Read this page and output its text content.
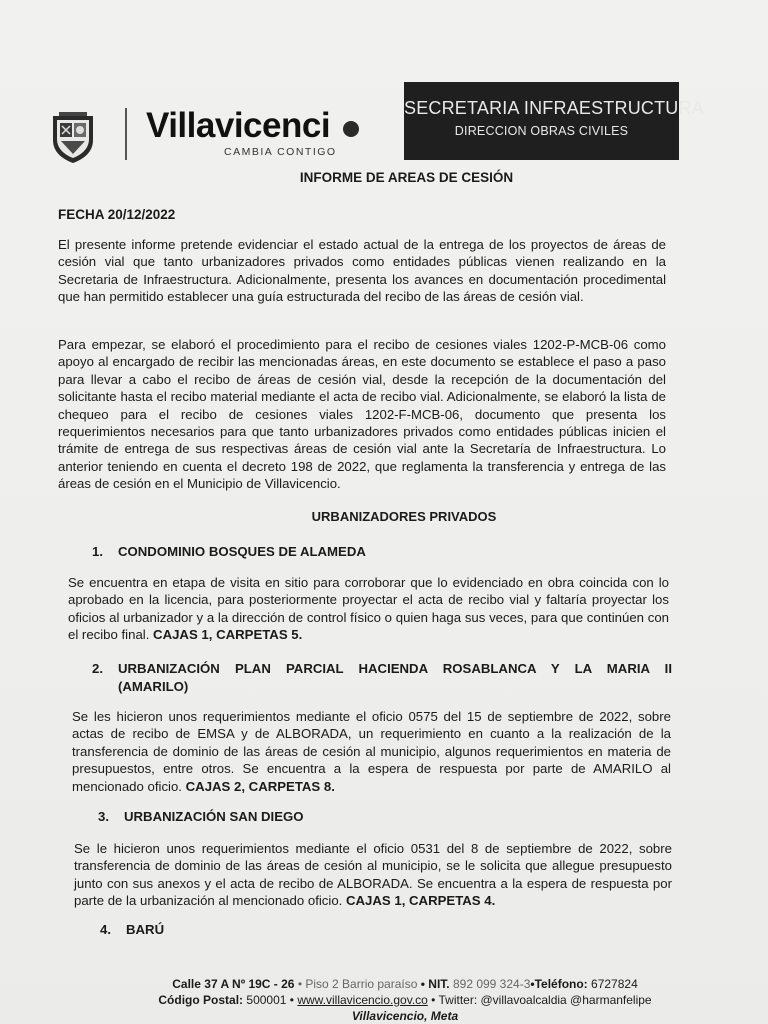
Villavicenci
CAMBIA CONTIGO
SECRETARIA INFRAESTRUCTURA
DIRECCION OBRAS CIVILES
INFORME DE AREAS DE CESIÓN
FECHA 20/12/2022

El presente informe pretende evidenciar el estado actual de la entrega de los proyectos de áreas de cesión vial que tanto urbanizadores privados como entidades públicas vienen realizando en la Secretaria de Infraestructura. Adicionalmente, presenta los avances en documentación procedimental que han permitido establecer una guía estructurada del recibo de las áreas de cesión vial.

Para empezar, se elaboró el procedimiento para el recibo de cesiones viales 1202-P-MCB-06 como apoyo al encargado de recibir las mencionadas áreas, en este documento se establece el paso a paso para llevar a cabo el recibo de áreas de cesión vial, desde la recepción de la documentación del solicitante hasta el recibo material mediante el acta de recibo vial. Adicionalmente, se elaboró la lista de chequeo para el recibo de cesiones viales 1202-F-MCB-06, documento que presenta los requerimientos necesarios para que tanto urbanizadores privados como entidades públicas inicien el trámite de entrega de sus respectivas áreas de cesión vial ante la Secretaría de Infraestructura. Lo anterior teniendo en cuenta el decreto 198 de 2022, que reglamenta la transferencia y entrega de las áreas de cesión en el Municipio de Villavicencio.

URBANIZADORES PRIVADOS
1.	CONDOMINIO BOSQUES DE ALAMEDA

Se encuentra en etapa de visita en sitio para corroborar que lo evidenciado en obra coincida con lo aprobado en la licencia, para posteriormente proyectar el acta de recibo vial y faltaría proyectar los oficios al urbanizador y a la dirección de control físico o quien haga sus veces, para que continúen con el recibo final. CAJAS 1, CARPETAS 5.

2.	URBANIZACIÓN PLAN PARCIAL HACIENDA ROSABLANCA Y LA MARIA II (AMARILO)

Se les hicieron unos requerimientos mediante el oficio 0575 del 15 de septiembre de 2022, sobre actas de recibo de EMSA y de ALBORADA, un requerimiento en cuanto a la realización de la transferencia de dominio de las áreas de cesión al municipio, algunos requerimientos en materia de presupuestos, entre otros. Se encuentra a la espera de respuesta por parte de AMARILO al mencionado oficio. CAJAS 2, CARPETAS 8.

3.	URBANIZACIÓN SAN DIEGO

Se le hicieron unos requerimientos mediante el oficio 0531 del 8 de septiembre de 2022, sobre transferencia de dominio de las áreas de cesión al municipio, se le solicita que allegue presupuesto junto con sus anexos y el acta de recibo de ALBORADA. Se encuentra a la espera de respuesta por parte de la urbanización al mencionado oficio. CAJAS 1, CARPETAS 4.

4.	BARÚ
Calle 37 A Nº 19C - 26 • Piso 2 Barrio paraíso • NIT. 892 099 324-3•Teléfono: 6727824
Código Postal: 500001 • www.villavicencio.gov.co • Twitter: @villavoalcaldia @harmanfelipe
Villavicencio, Meta
